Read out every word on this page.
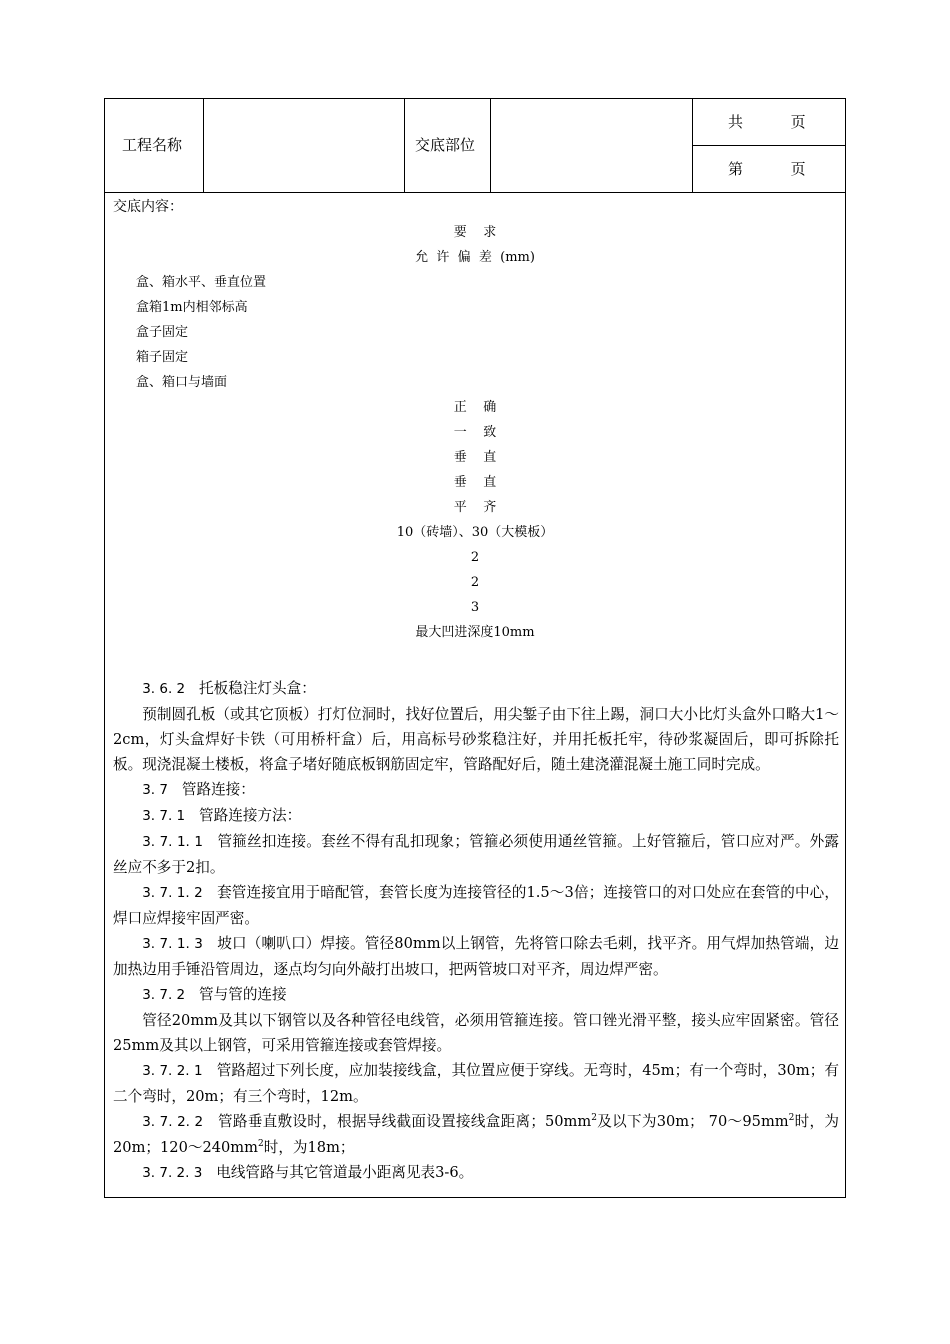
工程名称	交底部位
共          页
第          页
交底内容：
要    求
允  许  偏  差  (mm)
盒、箱水平、垂直位置
盒箱1m内相邻标高
盒子固定
箱子固定
盒、箱口与墙面
正    确
一    致
垂    直
垂    直
平    齐
10（砖墙）、30（大模板）
2
2
3
最大凹进深度10mm

3. 6. 2 托板稳注灯头盒：

预制圆孔板（或其它顶板）打灯位洞时，找好位置后，用尖錾子由下往上踢，洞口大小比灯头盒外口略大1～2cm，灯头盒焊好卡铁（可用桥杆盒）后，用高标号砂浆稳注好，并用托板托牢，待砂浆凝固后，即可拆除托板。现浇混凝土楼板，将盒子堵好随底板钢筋固定牢，管路配好后，随土建浇灌混凝土施工同时完成。

3. 7 管路连接：

3. 7. 1 管路连接方法：

3. 7. 1. 1 管箍丝扣连接。套丝不得有乱扣现象；管箍必须使用通丝管箍。上好管箍后，管口应对严。外露丝应不多于2扣。

3. 7. 1. 2 套管连接宜用于暗配管，套管长度为连接管径的1.5～3倍；连接管口的对口处应在套管的中心，焊口应焊接牢固严密。

3. 7. 1. 3 坡口（喇叭口）焊接。管径80mm以上钢管，先将管口除去毛刺，找平齐。用气焊加热管端，边加热边用手锤沿管周边，逐点均匀向外敲打出坡口，把两管坡口对平齐，周边焊严密。

3. 7. 2 管与管的连接

管径20mm及其以下钢管以及各种管径电线管，必须用管箍连接。管口锉光滑平整，接头应牢固紧密。管径25mm及其以上钢管，可采用管箍连接或套管焊接。

3. 7. 2. 1 管路超过下列长度，应加装接线盒，其位置应便于穿线。无弯时，45m；有一个弯时，30m；有二个弯时，20m；有三个弯时，12m。

3. 7. 2. 2 管路垂直敷设时，根据导线截面设置接线盒距离；$50mm^2$及以下为30m； $70\sim 95mm^2$时，为20m；$120\sim 240mm^2$时，为18m；

3. 7. 2. 3 电线管路与其它管道最小距离见表3-6。
